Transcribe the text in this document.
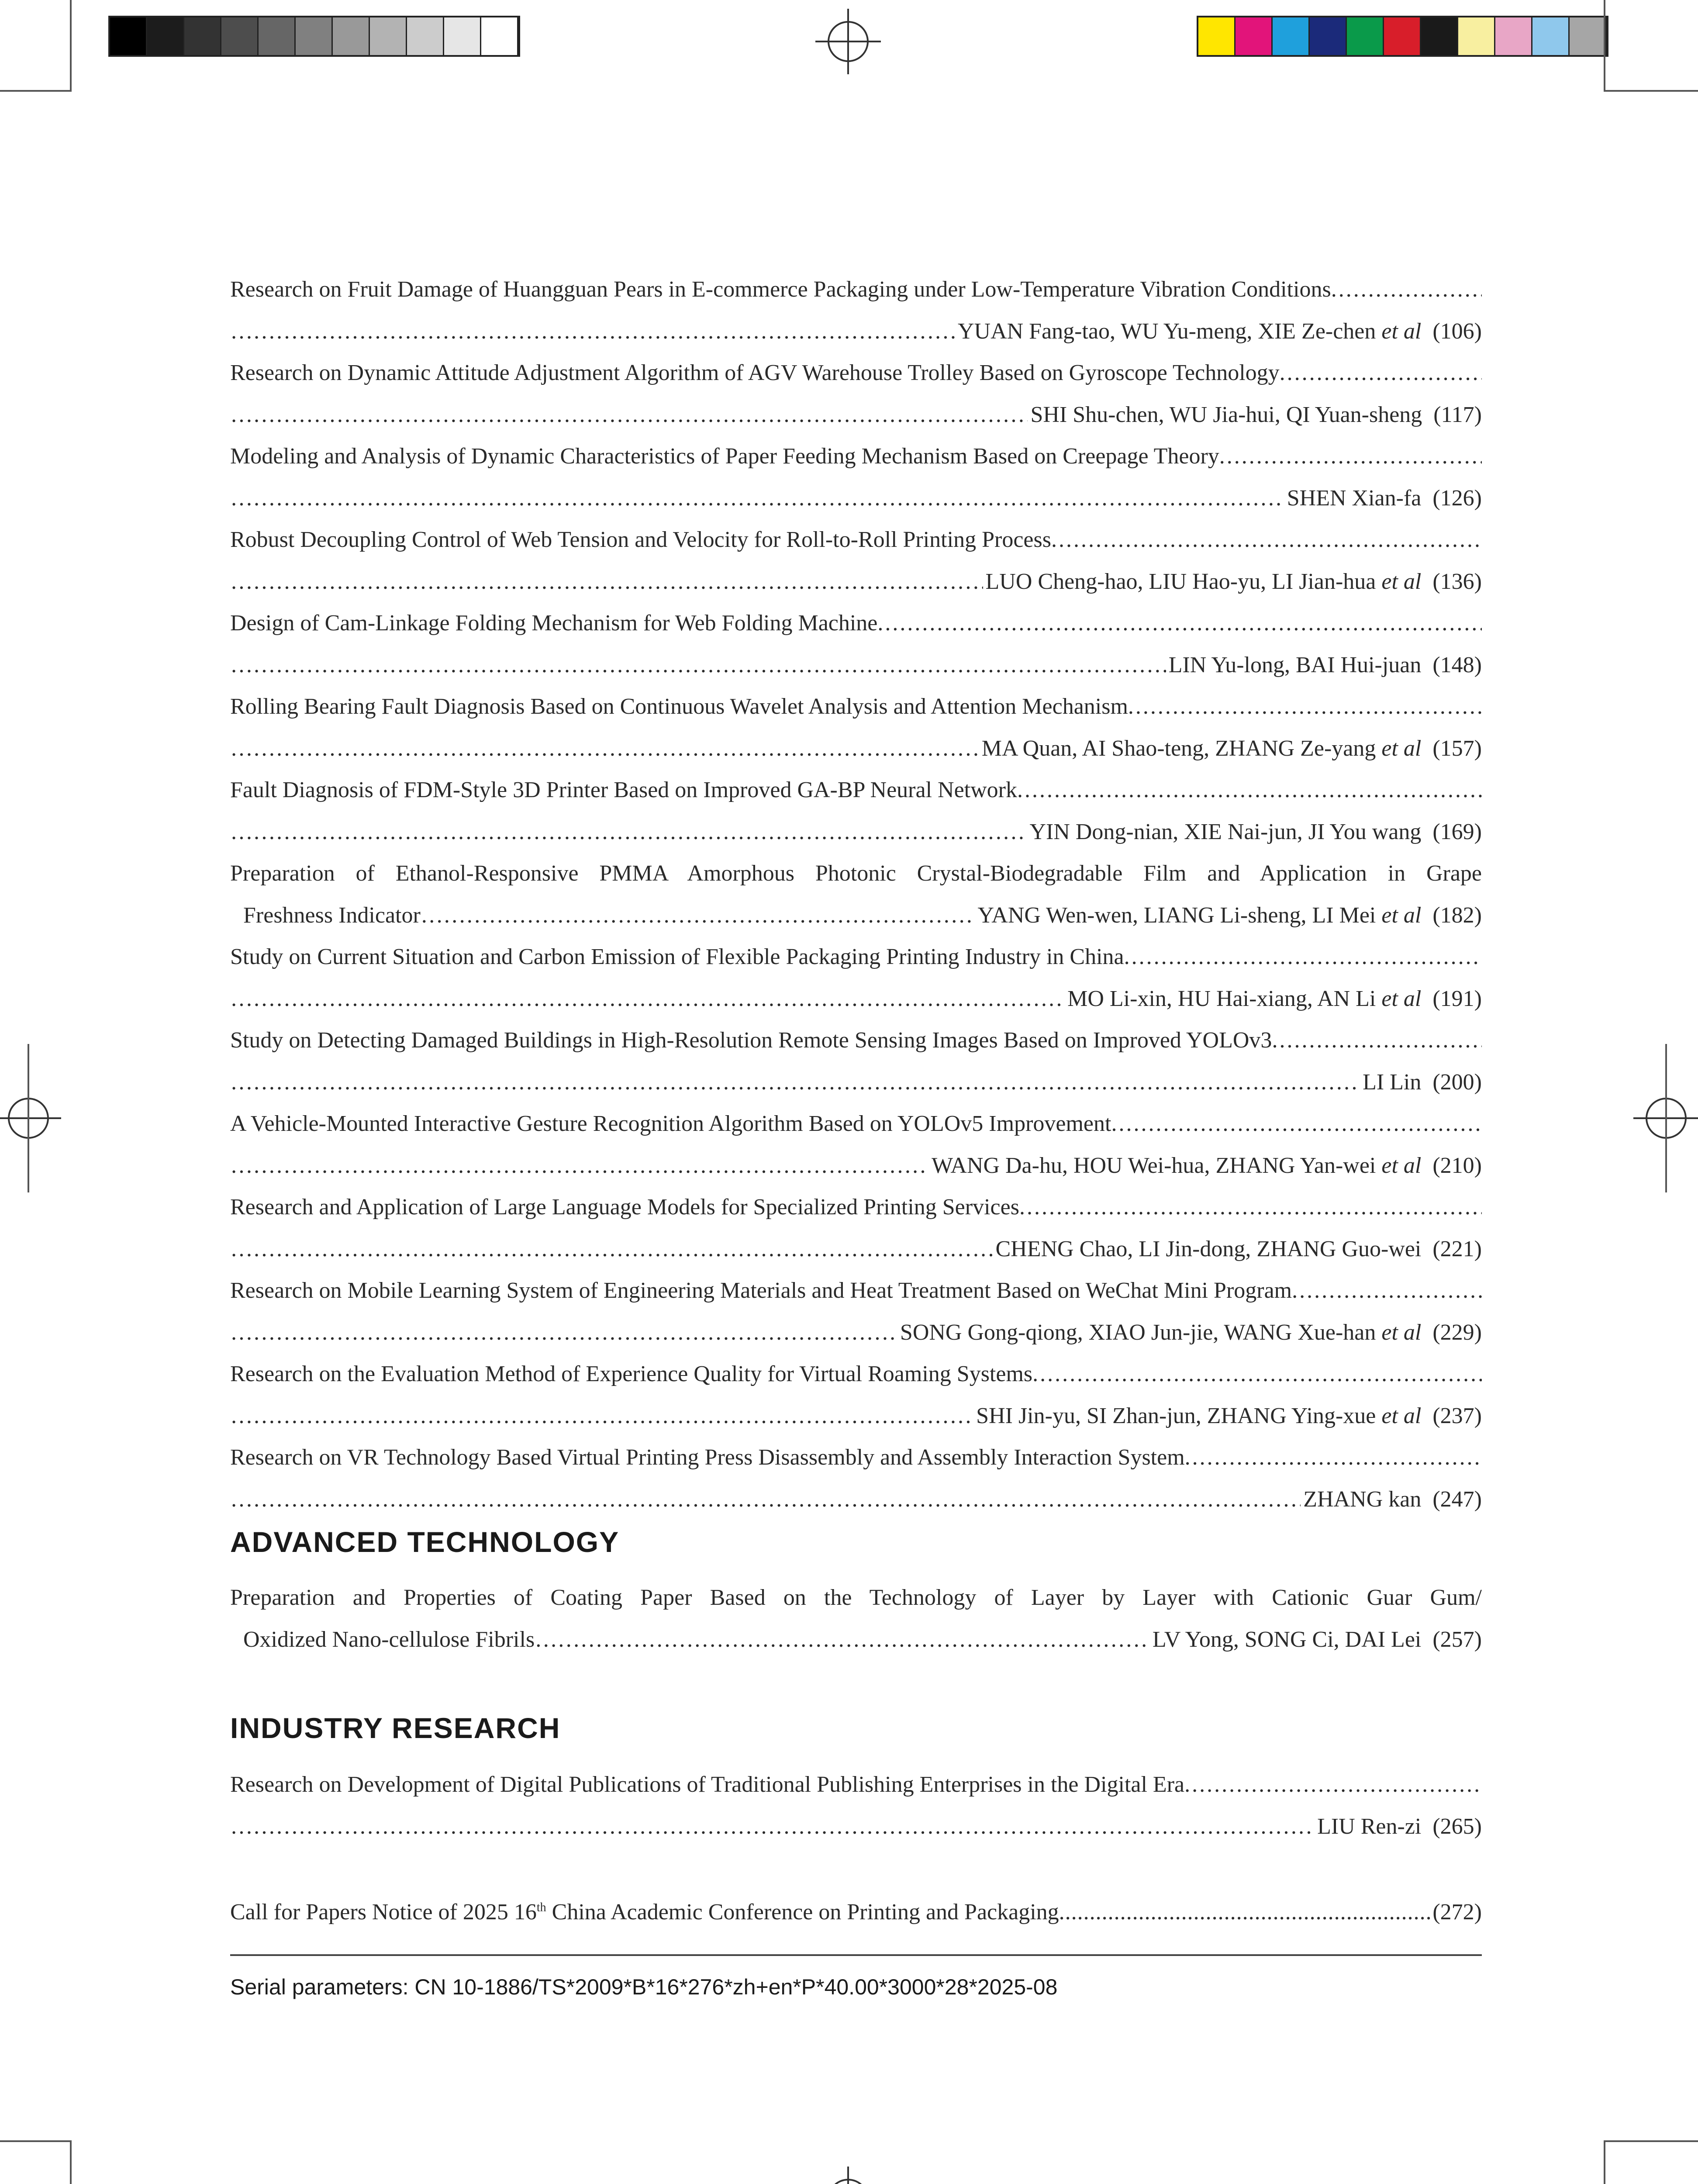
Research on Fruit Damage of Huangguan Pears in E-commerce Packaging under Low-Temperature Vibration Conditions
.....
……………………………………………………………………………………………………………………………………………………………………………………………………………………………………………………………………………………………………………………
YUAN Fang-tao, WU Yu-meng, XIE Ze-chen et al (106)
Research on Dynamic Attitude Adjustment Algorithm of AGV Warehouse Trolley Based on Gyroscope Technology
.....
……………………………………………………………………………………………………………………………………………………………………………………………………………………………………………………………………………………………………………………
SHI Shu-chen, WU Jia-hui, QI Yuan-sheng (117)
Modeling and Analysis of Dynamic Characteristics of Paper Feeding Mechanism Based on Creepage Theory
.....
……………………………………………………………………………………………………………………………………………………………………………………………………………………………………………………………………………………………………………………
SHEN Xian-fa (126)
Robust Decoupling Control of Web Tension and Velocity for Roll-to-Roll Printing Process
.....
……………………………………………………………………………………………………………………………………………………………………………………………………………………………………………………………………………………………………………………
LUO Cheng-hao, LIU Hao-yu, LI Jian-hua et al (136)
Design of Cam-Linkage Folding Mechanism for Web Folding Machine
.....
……………………………………………………………………………………………………………………………………………………………………………………………………………………………………………………………………………………………………………………
LIN Yu-long, BAI Hui-juan (148)
Rolling Bearing Fault Diagnosis Based on Continuous Wavelet Analysis and Attention Mechanism
.....
……………………………………………………………………………………………………………………………………………………………………………………………………………………………………………………………………………………………………………………
MA Quan, AI Shao-teng, ZHANG Ze-yang et al (157)
Fault Diagnosis of FDM-Style 3D Printer Based on Improved GA-BP Neural Network
.....
……………………………………………………………………………………………………………………………………………………………………………………………………………………………………………………………………………………………………………………
YIN Dong-nian, XIE Nai-jun, JI You wang (169)
Preparation of Ethanol-Responsive PMMA Amorphous Photonic Crystal-Biodegradable Film and Application in Grape
Freshness Indicator ……………………………………………………………………………………………………………………………………………………………………………………………………………………………………………………………………………………………………………………	YANG Wen-wen, LIANG Li-sheng, LI Mei et al (182)
Study on Current Situation and Carbon Emission of Flexible Packaging Printing Industry in China
.....
……………………………………………………………………………………………………………………………………………………………………………………………………………………………………………………………………………………………………………………
MO Li-xin, HU Hai-xiang, AN Li et al (191)
Study on Detecting Damaged Buildings in High-Resolution Remote Sensing Images Based on Improved YOLOv3
.....
……………………………………………………………………………………………………………………………………………………………………………………………………………………………………………………………………………………………………………………
LI Lin (200)
A Vehicle-Mounted Interactive Gesture Recognition Algorithm Based on YOLOv5 Improvement
.....
……………………………………………………………………………………………………………………………………………………………………………………………………………………………………………………………………………………………………………………
WANG Da-hu, HOU Wei-hua, ZHANG Yan-wei et al (210)
Research and Application of Large Language Models for Specialized Printing Services
.....
……………………………………………………………………………………………………………………………………………………………………………………………………………………………………………………………………………………………………………………
CHENG Chao, LI Jin-dong, ZHANG Guo-wei (221)
Research on Mobile Learning System of Engineering Materials and Heat Treatment Based on WeChat Mini Program
.....
……………………………………………………………………………………………………………………………………………………………………………………………………………………………………………………………………………………………………………………
SONG Gong-qiong, XIAO Jun-jie, WANG Xue-han et al (229)
Research on the Evaluation Method of Experience Quality for Virtual Roaming Systems
.....
……………………………………………………………………………………………………………………………………………………………………………………………………………………………………………………………………………………………………………………
SHI Jin-yu, SI Zhan-jun, ZHANG Ying-xue et al (237)
Research on VR Technology Based Virtual Printing Press Disassembly and Assembly Interaction System
.....
……………………………………………………………………………………………………………………………………………………………………………………………………………………………………………………………………………………………………………………
ZHANG kan (247)
ADVANCED TECHNOLOGY
Preparation and Properties of Coating Paper Based on the Technology of Layer by Layer with Cationic Guar Gum/
Oxidized Nano-cellulose Fibrils ……………………………………………………………………………………………………………………………………………………………………………………………………………………………………………………………………………………………………………………	LV Yong, SONG Ci, DAI Lei (257)
INDUSTRY RESEARCH
Research on Development of Digital Publications of Traditional Publishing Enterprises in the Digital Era
.....
……………………………………………………………………………………………………………………………………………………………………………………………………………………………………………………………………………………………………………………
LIU Ren-zi (265)
Call for Papers Notice of 2025 16th China Academic Conference on Printing and Packaging .....	(272)
Serial parameters: CN 10-1886/TS*2009*B*16*276*zh+en*P*40.00*3000*28*2025-08
